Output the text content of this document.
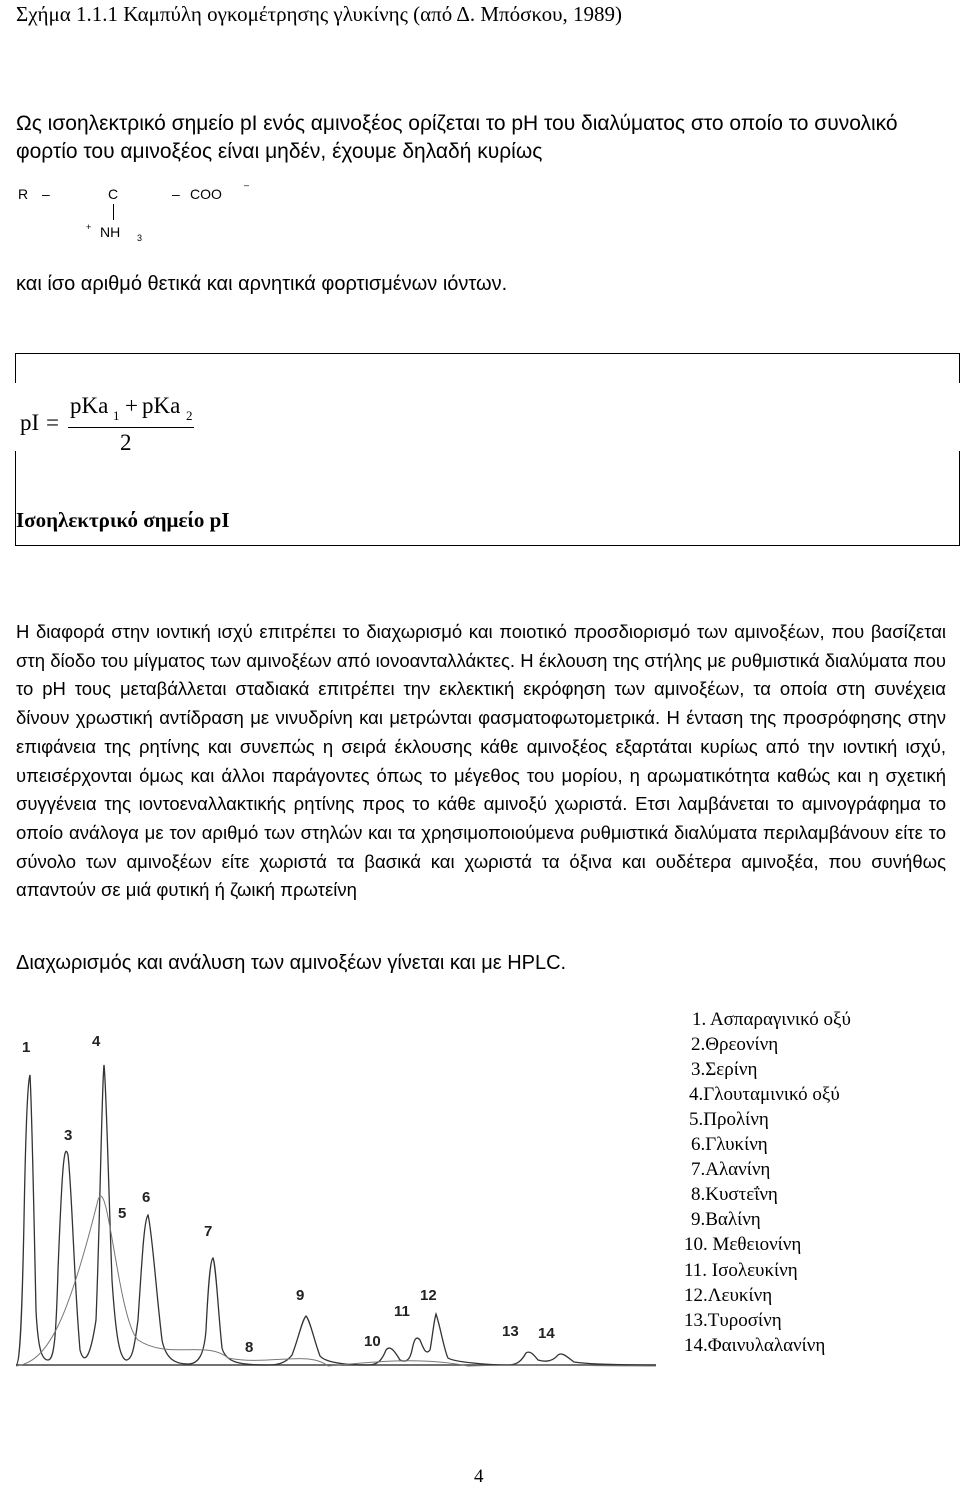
Σχήμα 1.1.1 Καμπύλη ογκομέτρησης γλυκίνης (από Δ. Μπόσκου, 1989)
Ως ισοηλεκτρικό σημείο pI ενός αμινοξέος ορίζεται το pH του διαλύματος στο οποίο το συνολικό φορτίο του αμινοξέος είναι μηδέν, έχουμε δηλαδή κυρίως
R –	C	– COO
–
+ NH 3
και ίσο αριθμό θετικά και αρνητικά φορτισμένων ιόντων.
pI =
pKa 1 + pKa 2
2
Ισοηλεκτρικό σημείο pI
Η διαφορά στην ιοντική ισχύ επιτρέπει το διαχωρισμό και ποιοτικό προσδιορισμό των αμινοξέων, που βασίζεται στη δίοδο του μίγματος των αμινοξέων από ιονοανταλλάκτες. Η έκλουση της στήλης με ρυθμιστικά διαλύματα που το pH τους μεταβάλλεται σταδιακά επιτρέπει την εκλεκτική εκρόφηση των αμινοξέων, τα οποία στη συνέχεια δίνουν χρωστική αντίδραση με νινυδρίνη και μετρώνται φασματοφωτομετρικά. Η ένταση της προσρόφησης στην επιφάνεια της ρητίνης και συνεπώς η σειρά έκλουσης κάθε αμινοξέος εξαρτάται κυρίως από την ιοντική ισχύ, υπεισέρχονται όμως και άλλοι παράγοντες όπως το μέγεθος του μορίου, η αρωματικότητα καθώς και η σχετική συγγένεια της ιοντοεναλλακτικής ρητίνης προς το κάθε αμινοξύ χωριστά. Ετσι λαμβάνεται το αμινογράφημα το οποίο ανάλογα με τον αριθμό των στηλών και τα χρησιμοποιούμενα ρυθμιστικά διαλύματα περιλαμβάνουν είτε το σύνολο των αμινοξέων είτε χωριστά τα βασικά και χωριστά τα όξινα και ουδέτερα αμινοξέα, που συνήθως απαντούν σε μιά φυτική ή ζωική πρωτείνη
Διαχωρισμός και ανάλυση των αμινοξέων γίνεται και με HPLC.
1	4
3
6
5
7
8
9
10
11
12
13 14
1. Ασπαραγινικό οξύ
2.Θρεονίνη
3.Σερίνη
4.Γλουταμινικό οξύ
5.Προλίνη
6.Γλυκίνη
7.Αλανίνη
8.Κυστεΐνη
9.Βαλίνη
10. Μεθειονίνη
11. Ισολευκίνη
12.Λευκίνη
13.Τυροσίνη
14.Φαινυλαλανίνη
4
